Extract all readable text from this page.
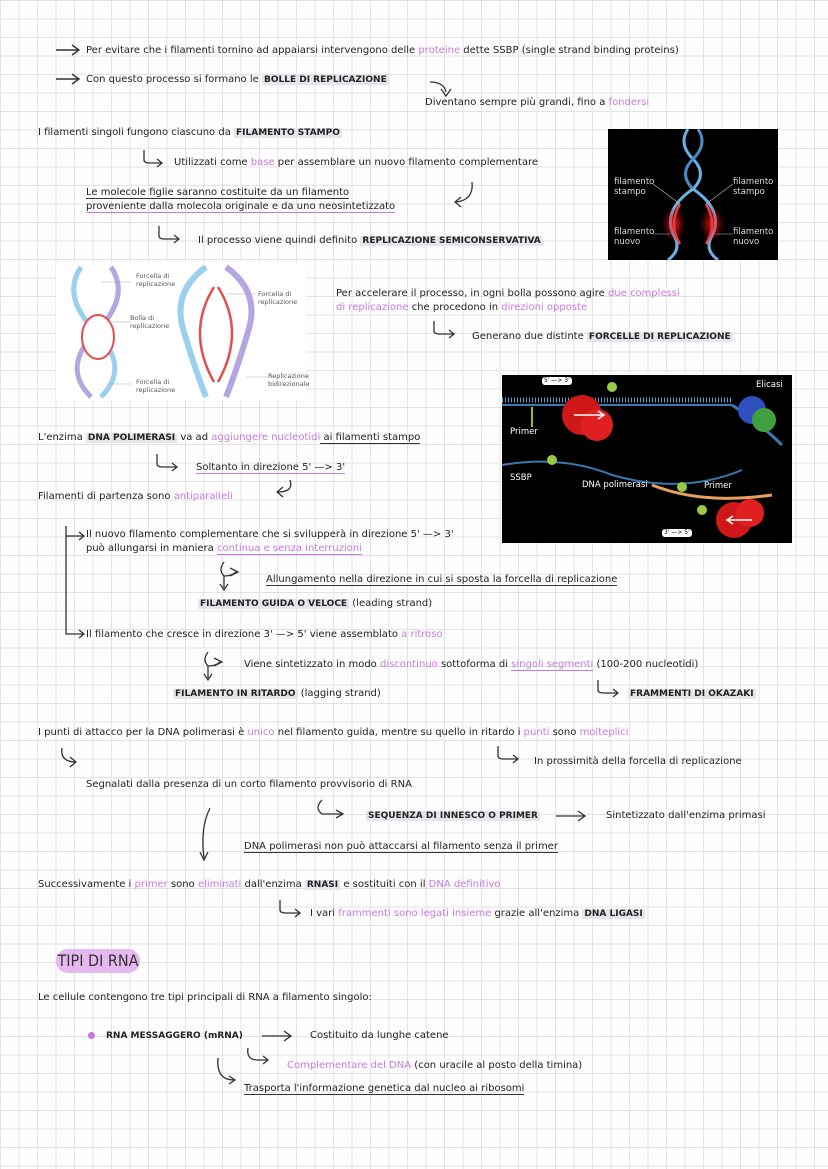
Per evitare che i filamenti tornino ad appaiarsi intervengono delle proteine dette SSBP (single strand binding proteins)
Con questo processo si formano le BOLLE DI REPLICAZIONE
Diventano sempre più grandi, fino a fondersi
I filamenti singoli fungono ciascuno da FILAMENTO STAMPO
Utilizzati come base per assemblare un nuovo filamento complementare
Le molecole figlie saranno costituite da un filamento
proveniente dalla molecola originale e da uno neosintetizzato
Il processo viene quindi definito REPLICAZIONE SEMICONSERVATIVA
filamento
stampo
filamento
stampo
filamento
nuovo
filamento
nuovo
Forcella di
replicazione
Bolla di
replicazione
Forcella di
replicazione
Forcella di
replicazione
Replicazione
bidirezionale
Per accelerare il processo, in ogni bolla possono agire due complessi
di replicazione che procedono in direzioni opposte
Generano due distinte FORCELLE DI REPLICAZIONE
5' —> 3'	Elicasi
Primer
SSBP
DNA polimerasi	Primer
3' —> 5'
L'enzima DNA POLIMERASI va ad aggiungere nucleotidi ai filamenti stampo
Soltanto in direzione 5' —> 3'
Filamenti di partenza sono antiparalleli
Il nuovo filamento complementare che si svilupperà in direzione 5' —> 3'
può allungarsi in maniera continua e senza interruzioni
Allungamento nella direzione in cui si sposta la forcella di replicazione
FILAMENTO GUIDA O VELOCE (leading strand)
Il filamento che cresce in direzione 3' —> 5' viene assemblato a ritroso
Viene sintetizzato in modo discontinuo sottoforma di singoli segmenti (100-200 nucleotidi)
FILAMENTO IN RITARDO (lagging strand)	FRAMMENTI DI OKAZAKI
I punti di attacco per la DNA polimerasi è unico nel filamento guida, mentre su quello in ritardo i punti sono molteplici
In prossimità della forcella di replicazione
Segnalati dalla presenza di un corto filamento provvisorio di RNA
SEQUENZA DI INNESCO O PRIMER	Sintetizzato dall'enzima primasi
DNA polimerasi non può attaccarsi al filamento senza il primer
Successivamente i primer sono eliminati dall'enzima RNASI e sostituiti con il DNA definitivo
I vari frammenti sono legati insieme grazie all'enzima DNA LIGASI
TIPI DI RNA
Le cellule contengono tre tipi principali di RNA a filamento singolo:
RNA MESSAGGERO (mRNA)	Costituito da lunghe catene
Complementare del DNA (con uracile al posto della timina)
Trasporta l'informazione genetica dal nucleo ai ribosomi
